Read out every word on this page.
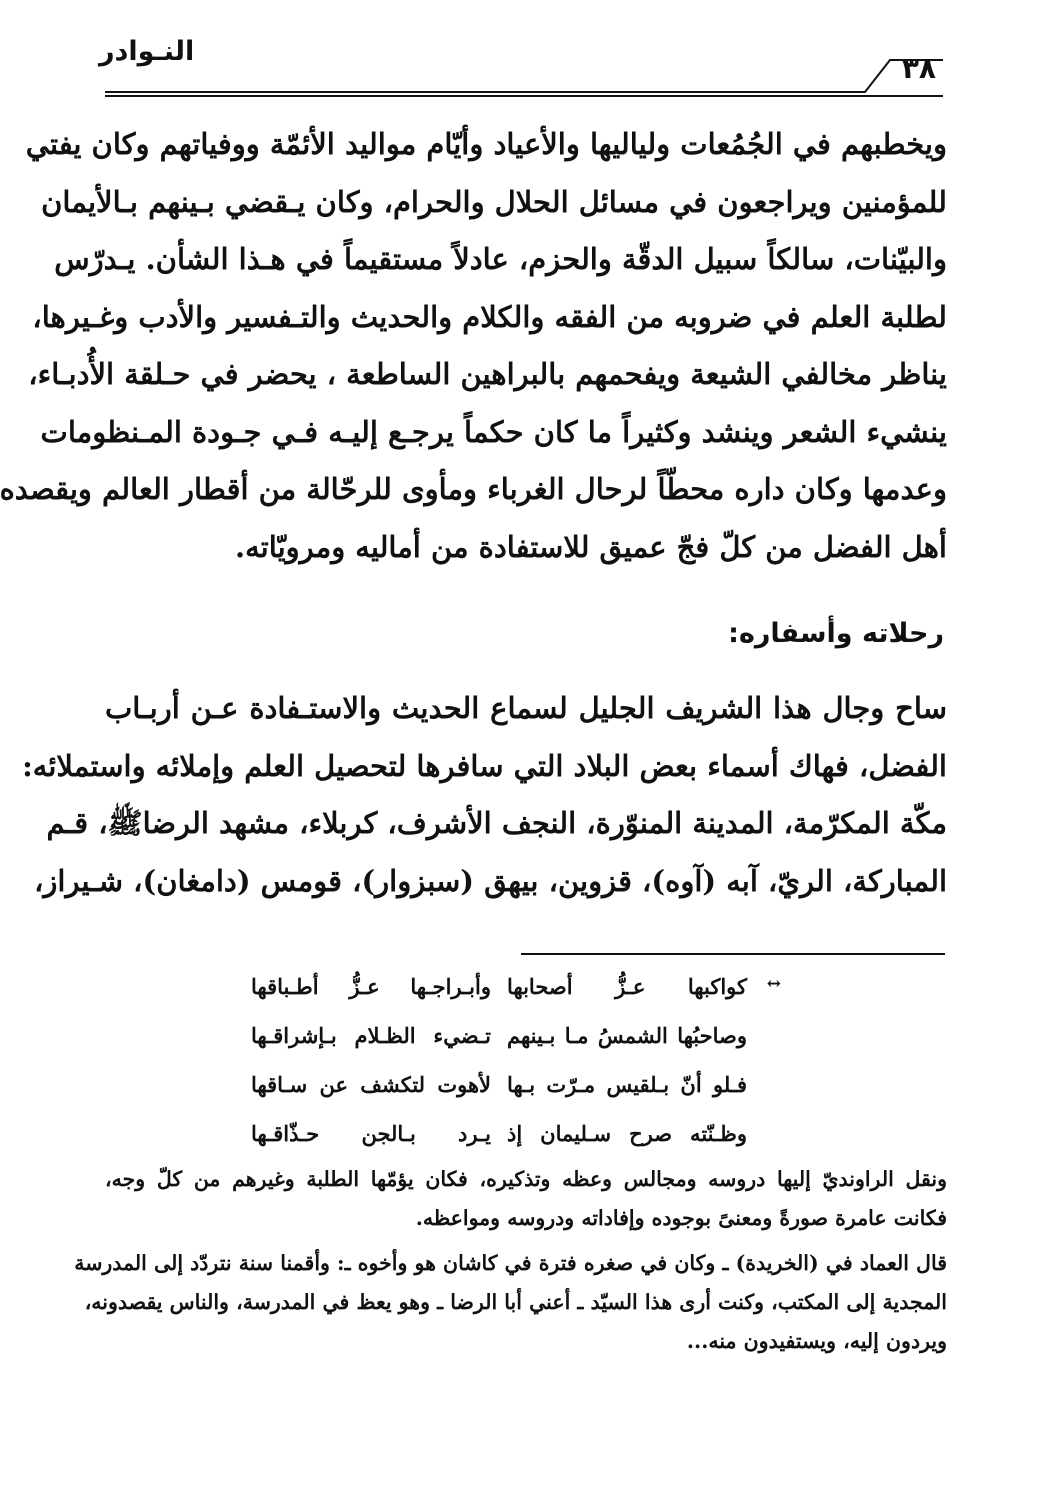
النـوادر
٣٨
ويخطبهم في الجُمُعات ولياليها والأعياد وأيّام مواليد الأئمّة ووفياتهم وكان يفتي
للمؤمنين ويراجعون في مسائل الحلال والحرام، وكان يـقضي بـينهم بـالأيمان
والبيّنات، سالكاً سبيل الدقّة والحزم، عادلاً مستقيماً في هـذا الشأن. يـدرّس
لطلبة العلم في ضروبه من الفقه والكلام والحديث والتـفسير والأدب وغـيرها،
يناظر مخالفي الشيعة ويفحمهم بالبراهين الساطعة ، يحضر في حـلقة الأُدبـاء،
ينشيء الشعر وينشد وكثيراً ما كان حكماً يرجـع إليـه فـي جـودة المـنظومات
وعدمها وكان داره محطّاً لرحال الغرباء ومأوى للرحّالة من أقطار العالم ويقصده
أهل الفضل من كلّ فجّ عميق للاستفادة من أماليه ومرويّاته.
رحلاته وأسفاره:
ساح وجال هذا الشريف الجليل لسماع الحديث والاستـفادة عـن أربـاب
الفضل، فهاك أسماء بعض البلاد التي سافرها لتحصيل العلم وإملائه واستملائه:
مكّة المكرّمة، المدينة المنوّرة، النجف الأشرف، كربلاء، مشهد الرضاﷺ، قـم
المباركة، الريّ، آبه (آوه)، قزوين، بيهق (سبزوار)، قومس (دامغان)، شـيراز،
↔
كواكبها عـزُّ أصحابها
وأبـراجـها عـزُّ أطـباقها
وصاحبُها الشمسُ مـا بـينهم
تـضيء الظـلام بـإشراقـها
فـلو أنّ بـلقيس مـرّت بـها
لأهوت لتكشف عن سـاقها
وظـنّته صرح سـليمان إذ
يـرد بـالجن حـذّاقـها
ونقل الراونديّ إليها دروسه ومجالس وعظه وتذكيره، فكان يؤمّها الطلبة وغيرهم من كلّ وجه،
فكانت عامرة صورةً ومعنىً بوجوده وإفاداته ودروسه ومواعظه.
قال العماد في (الخريدة) ـ وكان في صغره فترة في كاشان هو وأخوه ـ: وأقمنا سنة نتردّد إلى المدرسة
المجدية إلى المكتب، وكنت أرى هذا السيّد ـ أعني أبا الرضا ـ وهو يعظ في المدرسة، والناس يقصدونه،
ويردون إليه، ويستفيدون منه...
